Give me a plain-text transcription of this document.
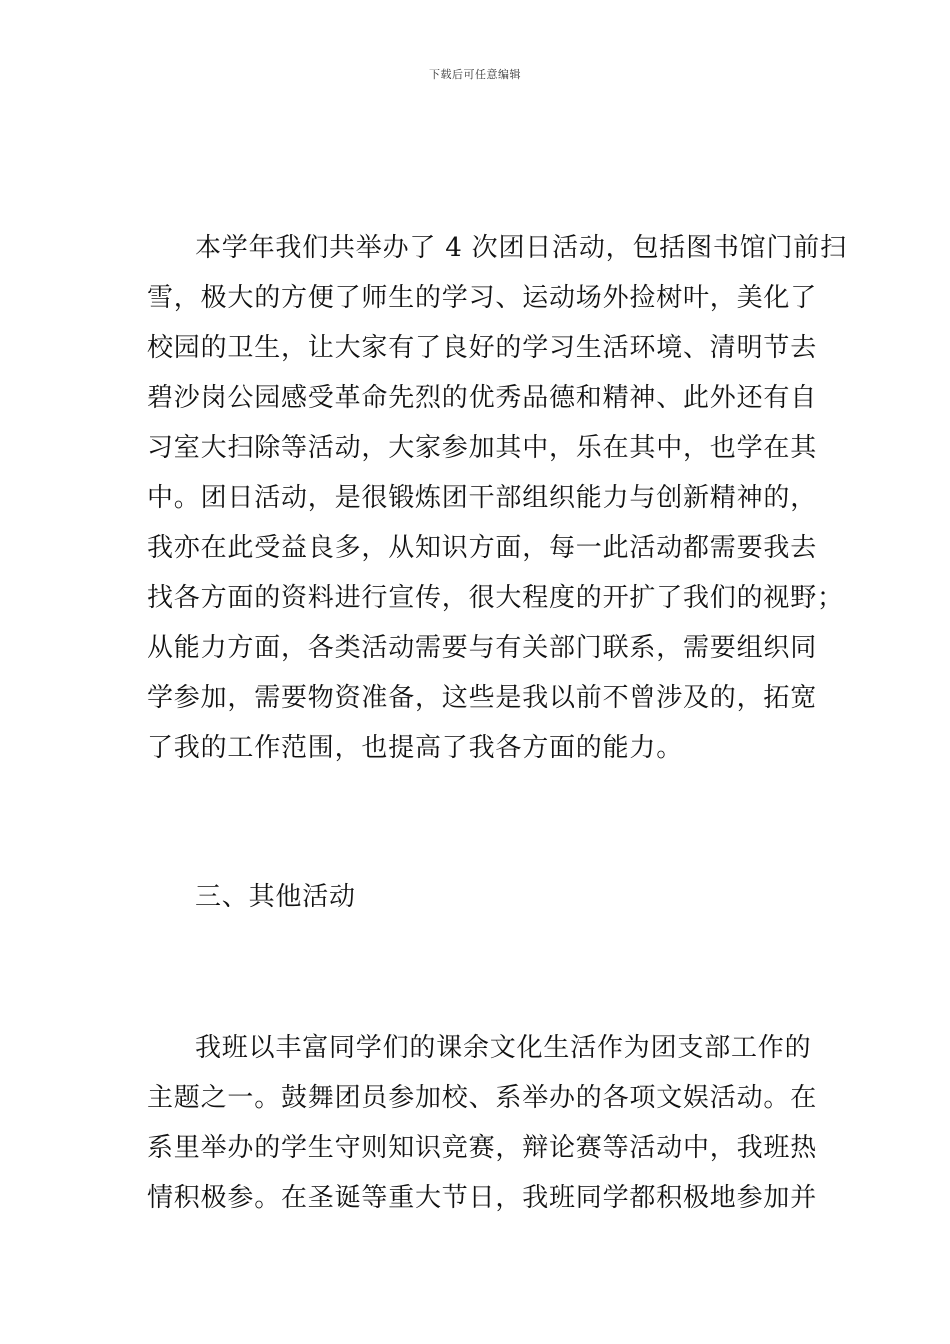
下载后可任意编辑
本学年我们共举办了 4 次团日活动，包括图书馆门前扫
雪，极大的方便了师生的学习、运动场外捡树叶，美化了
校园的卫生，让大家有了良好的学习生活环境、清明节去
碧沙岗公园感受革命先烈的优秀品德和精神、此外还有自
习室大扫除等活动，大家参加其中，乐在其中，也学在其
中。团日活动，是很锻炼团干部组织能力与创新精神的，
我亦在此受益良多，从知识方面，每一此活动都需要我去
找各方面的资料进行宣传，很大程度的开扩了我们的视野；
从能力方面，各类活动需要与有关部门联系，需要组织同
学参加，需要物资准备，这些是我以前不曾涉及的，拓宽
了我的工作范围，也提高了我各方面的能力。
三、其他活动
我班以丰富同学们的课余文化生活作为团支部工作的
主题之一。鼓舞团员参加校、系举办的各项文娱活动。在
系里举办的学生守则知识竞赛，辩论赛等活动中，我班热
情积极参。在圣诞等重大节日，我班同学都积极地参加并
